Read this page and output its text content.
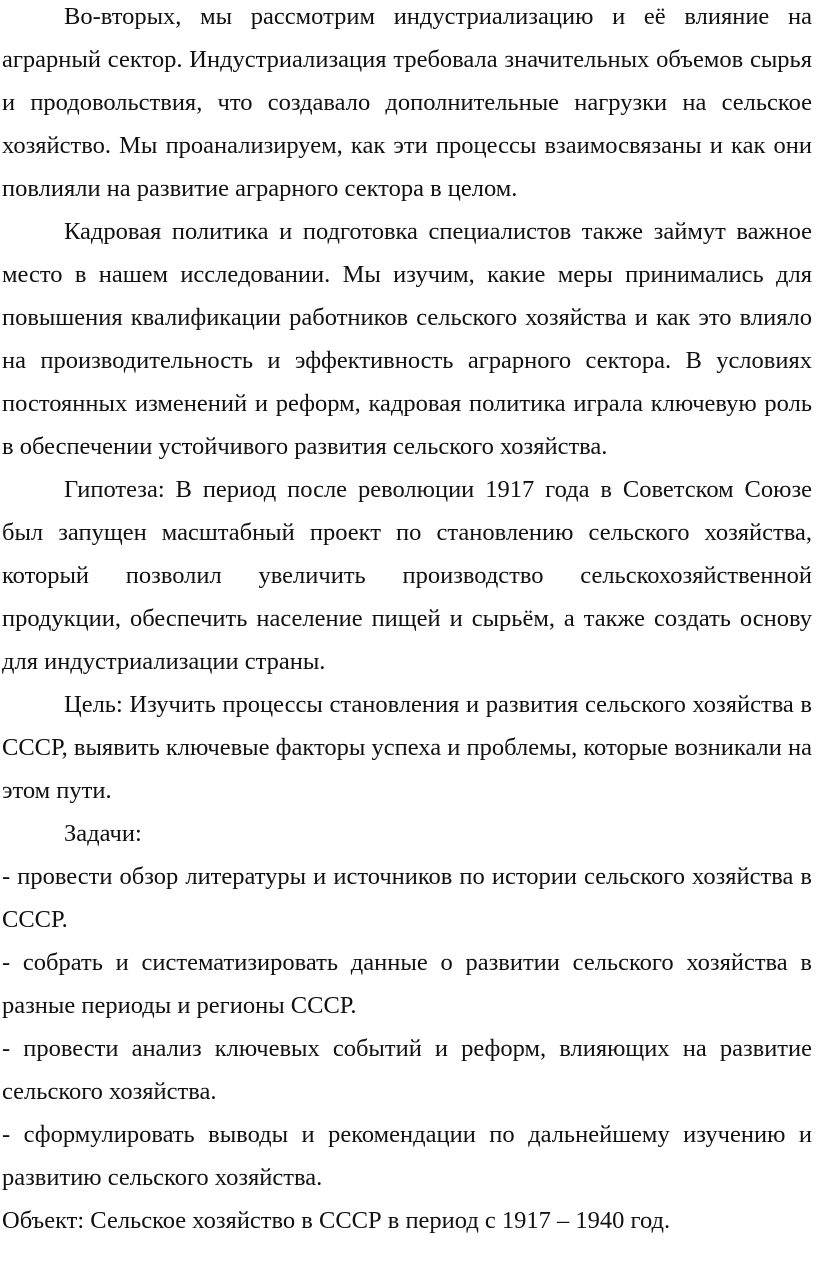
Во-вторых, мы рассмотрим индустриализацию и её влияние на аграрный сектор. Индустриализация требовала значительных объемов сырья и продовольствия, что создавало дополнительные нагрузки на сельское хозяйство. Мы проанализируем, как эти процессы взаимосвязаны и как они повлияли на развитие аграрного сектора в целом.

Кадровая политика и подготовка специалистов также займут важное место в нашем исследовании. Мы изучим, какие меры принимались для повышения квалификации работников сельского хозяйства и как это влияло на производительность и эффективность аграрного сектора. В условиях постоянных изменений и реформ, кадровая политика играла ключевую роль в обеспечении устойчивого развития сельского хозяйства.

Гипотеза: В период после революции 1917 года в Советском Союзе был запущен масштабный проект по становлению сельского хозяйства, который позволил увеличить производство сельскохозяйственной продукции, обеспечить население пищей и сырьём, а также создать основу для индустриализации страны.

Цель: Изучить процессы становления и развития сельского хозяйства в СССР, выявить ключевые факторы успеха и проблемы, которые возникали на этом пути.

Задачи:

- провести обзор литературы и источников по истории сельского хозяйства в СССР.

- собрать и систематизировать данные о развитии сельского хозяйства в разные периоды и регионы СССР.

- провести анализ ключевых событий и реформ, влияющих на развитие сельского хозяйства.

- сформулировать выводы и рекомендации по дальнейшему изучению и развитию сельского хозяйства.

Объект: Сельское хозяйство в СССР в период с 1917 – 1940 год.
